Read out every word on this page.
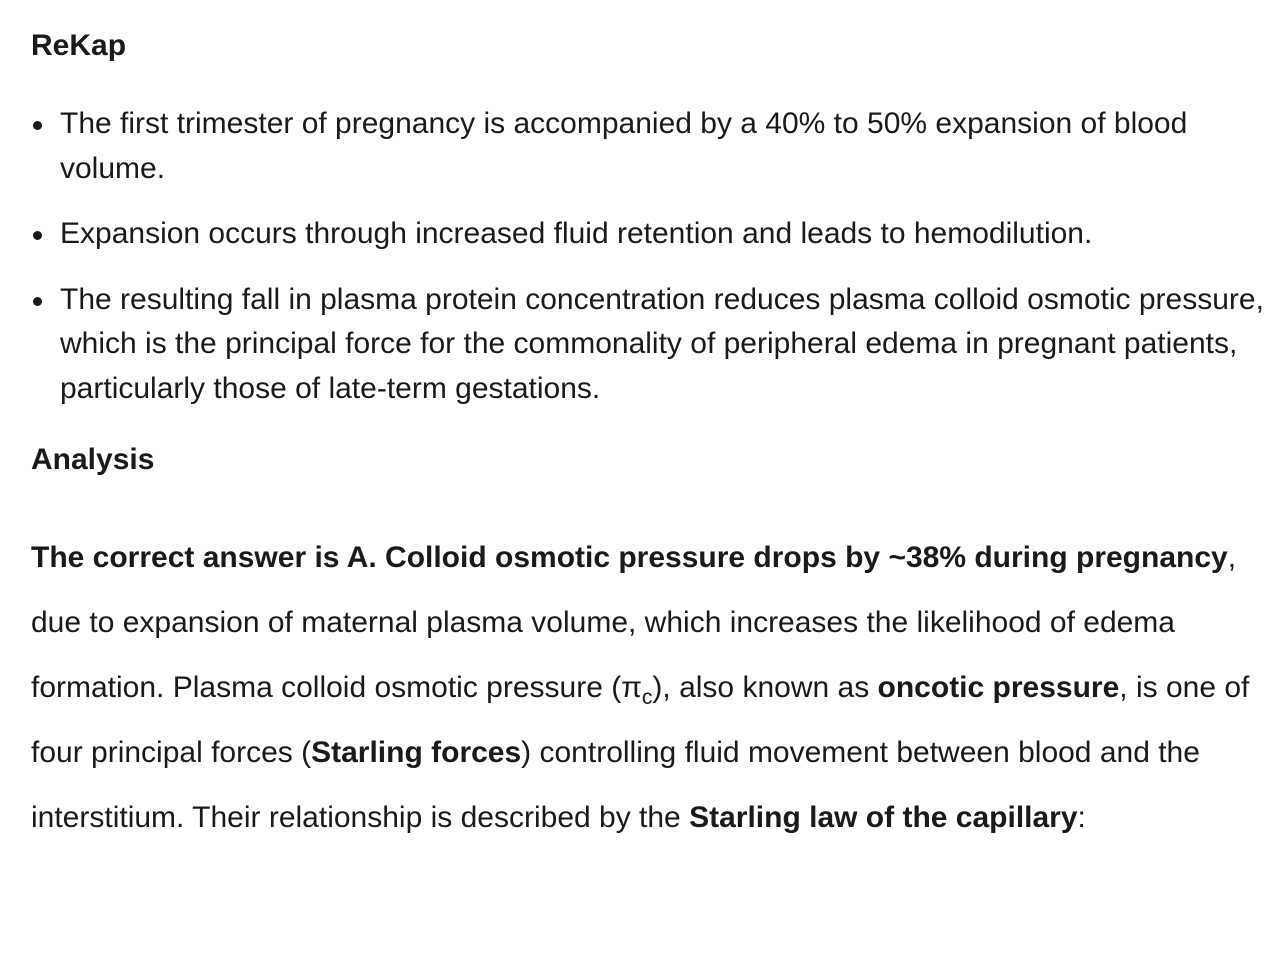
ReKap
The first trimester of pregnancy is accompanied by a 40% to 50% expansion of blood volume.
Expansion occurs through increased fluid retention and leads to hemodilution.
The resulting fall in plasma protein concentration reduces plasma colloid osmotic pressure, which is the principal force for the commonality of peripheral edema in pregnant patients, particularly those of late-term gestations.
Analysis

The correct answer is A. Colloid osmotic pressure drops by ~38% during pregnancy, due to expansion of maternal plasma volume, which increases the likelihood of edema formation. Plasma colloid osmotic pressure $(\pi_c)$, also known as oncotic pressure, is one of four principal forces (Starling forces) controlling fluid movement between blood and the interstitium. Their relationship is described by the Starling law of the capillary:
